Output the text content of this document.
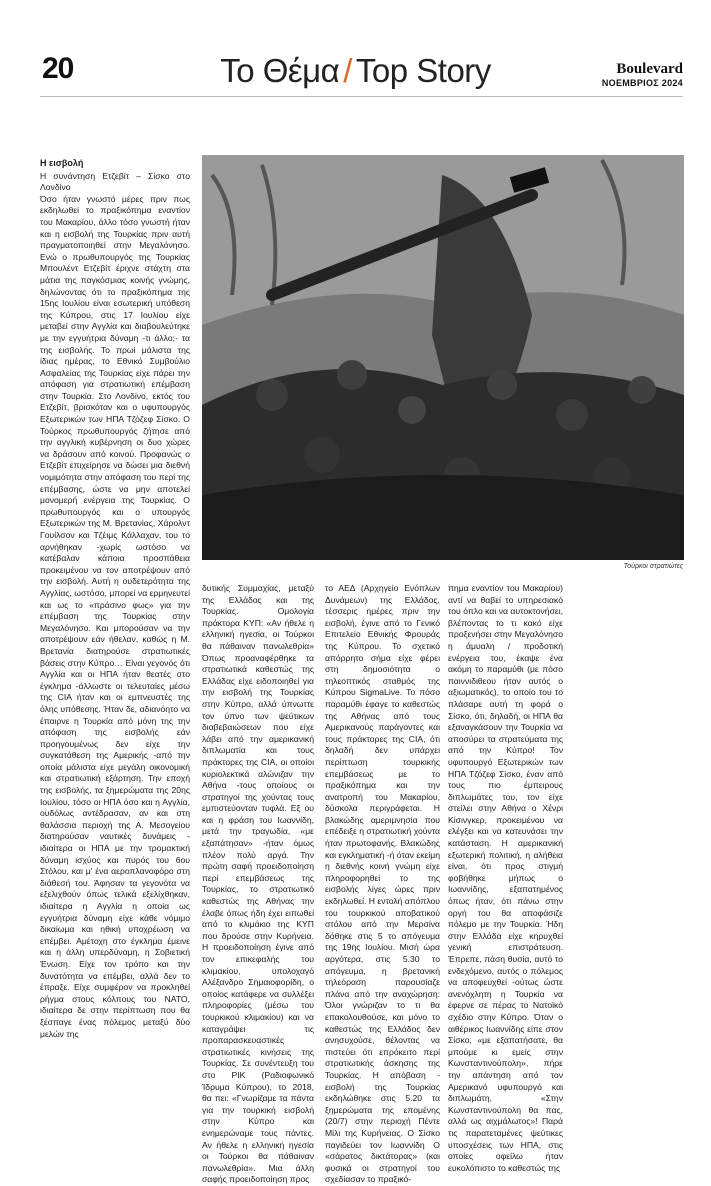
20	Το Θέμα / Top Story	Boulevard
ΝΟΕΜΒΡΙΟΣ 2024
Τούρκοι στρατιώτες
Η εισβολή

Η συνάντηση Ετζεβίτ – Σίσκο στο Λονδίνο

Όσο ήταν γνωστό μέρες πριν πως εκδηλωθεί το πραξικόπημα εναντίον του Μακαρίου, άλλο τόσο γνωστή ήταν και η εισβολή της Τουρκίας πριν αυτή πραγματοποιηθεί στην Μεγαλόνησο. Ενώ ο πρωθυπουργός της Τουρκίας Μπουλέντ Ετζεβίτ έριχνε στάχτη στα μάτια της παγκόσμιας κοινής γνώμης, δηλώνοντας ότι το πραξικόπημα της 15ης Ιουλίου είναι εσωτερική υπόθεση της Κύπρου, στις 17 Ιουλίου είχε μεταβεί στην Αγγλία και διαβουλεύτηκε με την εγγυήτρια δύναμη -τι άλλο;- τα της εισβολής. Το πρωί μάλιστα της ίδιας ημέρας, το Εθνικό Συμβούλιο Ασφαλείας της Τουρκίας είχε πάρει την απόφαση για στρατιωτική επέμβαση στην Τουρκία. Στο Λονδίνο, εκτός του Ετζεβίτ, βρισκόταν και ο υφυπουργός Εξωτερικών των ΗΠΑ Τζόζεφ Σίσκο. Ο Τούρκος πρωθυπουργός ζήτησε από την αγγλική κυβέρνηση οι δυο χώρες να δράσουν από κοινού. Προφανώς ο Ετζεβίτ επιχείρησε να δώσει μια διεθνή νομιμότητα στην απόφαση του περί της επέμβασης, ώστε να μην αποτελεί μονομερή ενέργεια της Τουρκίας. Ο πρωθυπουργός και ο υπουργός Εξωτερικών της Μ. Βρετανίας, Χάρολντ Γουίλσον και Τζέιμς Κάλλαχαν, του το αρνήθηκαν -χωρίς ωστόσο να κατέβαλαν κάποια προσπάθεια προκειμένου να τον αποτρέψουν από την εισβολή. Αυτή η ουδετερότητα της Αγγλίας, ωστόσο, μπορεί να ερμηνευτεί και ως το «πράσινο φως» για την επέμβαση της Τουρκίας στην Μεγαλόνησο. Και μπορούσαν να την αποτρέψουν εάν ήθελαν, καθώς η Μ. Βρετανία διατηρούσε στρατιωτικές βάσεις στην Κύπρο… Είναι γεγονός ότι Αγγλία και οι ΗΠΑ ήταν θεατές στο έγκλημα -άλλωστε οι τελευταίες μέσω της CIA ήταν και οι εμπνευστές της όλης υπόθεσης. Ήταν δε, αδιανόητο να έπαιρνε η Τουρκία από μόνη της την απόφαση της εισβολής εάν προηγουμένως δεν είχε την συγκατάθεση της Αμερικής -από την οποία μάλιστα είχε μεγάλη οικονομική και στρατιωτική εξάρτηση. Την εποχή της εισβολής, τα ξημερώματα της 20ης Ιουλίου, τόσο οι ΗΠΑ όσο και η Αγγλία, ουδόλως αντέδρασαν, αν και στη θαλάσσια περιοχή της Α. Μεσογείου διατηρούσαν ναυτικές δυνάμεις - ιδιαίτερα οι ΗΠΑ με την τρομακτική δύναμη ισχύος και πυρός του 6ου Στόλου, και μ' ένα αεροπλανοφόρο στη διάθεσή του. Άφησαν τα γεγονότα να εξελιχθούν όπως τελικά εξελίχθηκαν, ιδιαίτερα η Αγγλία η οποία ως εγγυήτρια δύναμη είχε κάθε νόμιμο δικαίωμα και ηθική υποχρέωση να επέμβει. Αμέτοχη στο έγκλημα έμεινε και η άλλη υπερδύναμη, η Σοβιετική Ένωση. Είχε τον τρόπο και την δυνατότητα να επέμβει, αλλά δεν το έπραξε. Είχε συμφέρον να προκληθεί ρήγμα στους κόλπους του ΝΑΤΟ, ιδιαίτερα δε στην περίπτωση που θα ξέσπαγε ένας πόλεμος μεταξύ δύο μελών της

δυτικής Συμμαχίας, μεταξύ της Ελλάδος και της Τουρκίας. Ομολογία πράκτορα ΚΥΠ: «Αν ήθελε η ελληνική ηγεσία, οι Τούρκοι θα πάθαιναν πανωλεθρία» Όπως προαναφέρθηκε τα στρατιωτικά καθεστώς της Ελλάδας είχε ειδοποιηθεί για την εισβολή της Τουρκίας στην Κύπρο, αλλά ύπνωττε τον ύπνο των ψεύτικων διαβεβαιώσεων που είχε λάβει από την αμερικανική διπλωματία και τους πράκτορες της CIA, οι οποίοι κυριολεκτικά αλώνιζαν την Αθήνα -τους οποίους οι στρατηγοί της χούντας τους εμπιστεύονταν τυφλά. Εξ ου και η φράση του Ιωαννίδη, μετά την τραγωδία, «με εξαπάτησαν» -ήταν όμως πλέον πολύ αργά. Την πρώτη σαφή προειδοποίηση περί επεμβάσεως της Τουρκίας, το στρατιωτικό καθεστώς της Αθήνας την έλαβε όπως ήδη έχει ειπωθεί από το κλιμάκιο της ΚΥΠ που δρούσε στην Κυρήνεια. Η προειδοποίηση έγινε από τον επικεφαλής του κλιμακίου, υπολοχαγό Αλέξανδρο Σημαιοφορίδη, ο οποίος κατάφερε να συλλέξει πληροφορίες (μέσω του τουρκικού κλιμακίου) και να καταγράψει τις προπαρασκευαστικές στρατιωτικές κινήσεις της Τουρκίας. Σε συνέντευξη του στο ΡΙΚ (Ραδιοφωνικό Ίδρυμα Κύπρου), το 2018, θα πει: «Γνωρίζαμε τα πάντα για την τουρκική εισβολή στην Κύπρο και ενημερώναμε τους πάντες. Αν ήθελε η ελληνική ηγεσία οι Τούρκοι θα πάθαιναν πανωλεθρία». Μια άλλη σαφής προειδοποίηση προς

το ΑΕΔ (Αρχηγείο Ενόπλων Δυνάμεων) της Ελλάδος, τέσσερις ημέρες πριν την εισβολή, έγινε από το Γενικό Επιτελείο Εθνικής Φρουράς της Κύπρου. Το σχετικό απόρρητο σήμα είχε φέρει στη δημοσιότητα ο τηλεοπτικός σταθμός της Κύπρου SigmaLive. Το πόσο παραμύθι έφαγε το καθεστώς της Αθήνας από τους Αμερικανούς παράγοντες και τους πράκτορες της CIA, ότι δηλαδή δεν υπάρχει περίπτωση τουρκικής επεμβάσεως με το πραξικόπημα και την ανατροπή του Μακαρίου, δύσκολα περιγράφεται. Η βλακώδης αμεριμνησία που επέδειξε η στρατιωτική χούντα ήταν πρωτοφανής. Βλακώδης και εγκληματική -ή όταν εκείμη η διεθνής κοινή γνώμη είχε πληροφορηθεί το της εισβολής λίγες ώρες πριν εκδηλωθεί. Η εντολή απόπλου του τουρκικού αποβατικού στόλου από την Μερσίνα δόθηκε στις 5 το απόγευμα της 19ης Ιουλίου. Μισή ώρα αργότερα, στις 5.30 το απόγευμα, η βρετανική τηλεόραση παρουσίαζε πλάνα από την αναχώρηση: Όλοι γνώριζαν το τι θα επακολουθούσε, και μόνο το καθεστώς της Ελλάδος δεν ανησυχούσε, θέλοντας να πιστεύει ότι επρόκειτο περί στρατιωτικής άσκησης της Τουρκίας. Η απόβαση - εισβολή της Τουρκίας εκδηλώθηκε στις 5.20 τα ξημερώματα της επομένης (20/7) στην περιοχή Πέντε Μίλι της Κυρήνειας. Ο Σίσκο παγιδεύει τον Ιωαννίδη Ο «σάρατος δικτάτορας» (και φυσικά οι στρατηγοί του σχεδίασαν το πραξικό-

πημα εναντίον του Μακαρίου) αντί να θαβεί το υπηρεσιακό του όπλο και να αυτοκτονήσει, βλέποντας το τι κακό είχε προξενήσει στην Μεγαλόνησο η άμυαλη / προδοτική ενέργεια του, έκαψε ένα ακόμη το παραμύθι (με πόσο παιννιδιθεου ήταν αυτός ο αξιωματικός), το οποίο του το πλάσαρε αυτή τη φορά ο Σίσκο, ότι, δηλαδή, οι ΗΠΑ θα εξαναγκάσουν την Τουρκία να αποσύρει τα στρατεύματα της από την Κύπρο! Τον υφυπουργό Εξωτερικών των ΗΠΑ Τζόζεφ Σίσκο, έναν από τους πιο έμπειρους διπλωμάτες του, τον είχε στείλει στην Αθήνα ο Χένρι Κίσινγκερ, προκειμένου να ελέγξει και να κατευνάσει την κατάσταση. Η αμερικανική εξωτερική πολιτική, η αλήθεια είναι, ότι προς στιγμή φοβήθηκε μήπως ο Ιωαννίδης, εξαπατημένος όπως ήταν, ότι πάνω στην οργή του θα αποφάσιζε πόλεμο με την Τουρκία. Ήδη στην Ελλάδα είχε κηρυχθεί γενική επιστράτευση. Έπρεπε, πάση θυσία, αυτό το ενδεχόμενο, αυτός ο πόλεμος να αποφευχθεί -ούτως ώστε ανενόχλητη η Τουρκία να έφερνε σε πέρας το Νατοϊκό σχέδιο στην Κύπρο. Όταν ο αιθέρικος Ιωαννίδης είπε στον Σίσκο, «με εξαπατήσατε, θα μπούμε κι εμείς στην Κωνσταντινούπολη», πήρε την απάντηση από τον Αμερικανό υφυπουργό και διπλωμάτη, «Στην Κωνσταντινούπολη θα πας, αλλά ως αιχμάλωτος»! Παρά τις παρατεταμένες ψεύτικες υποσχέσεις των ΗΠΑ, στις οποίες οφείλω ήταν ευκολόπιστο το καθεστώς της
